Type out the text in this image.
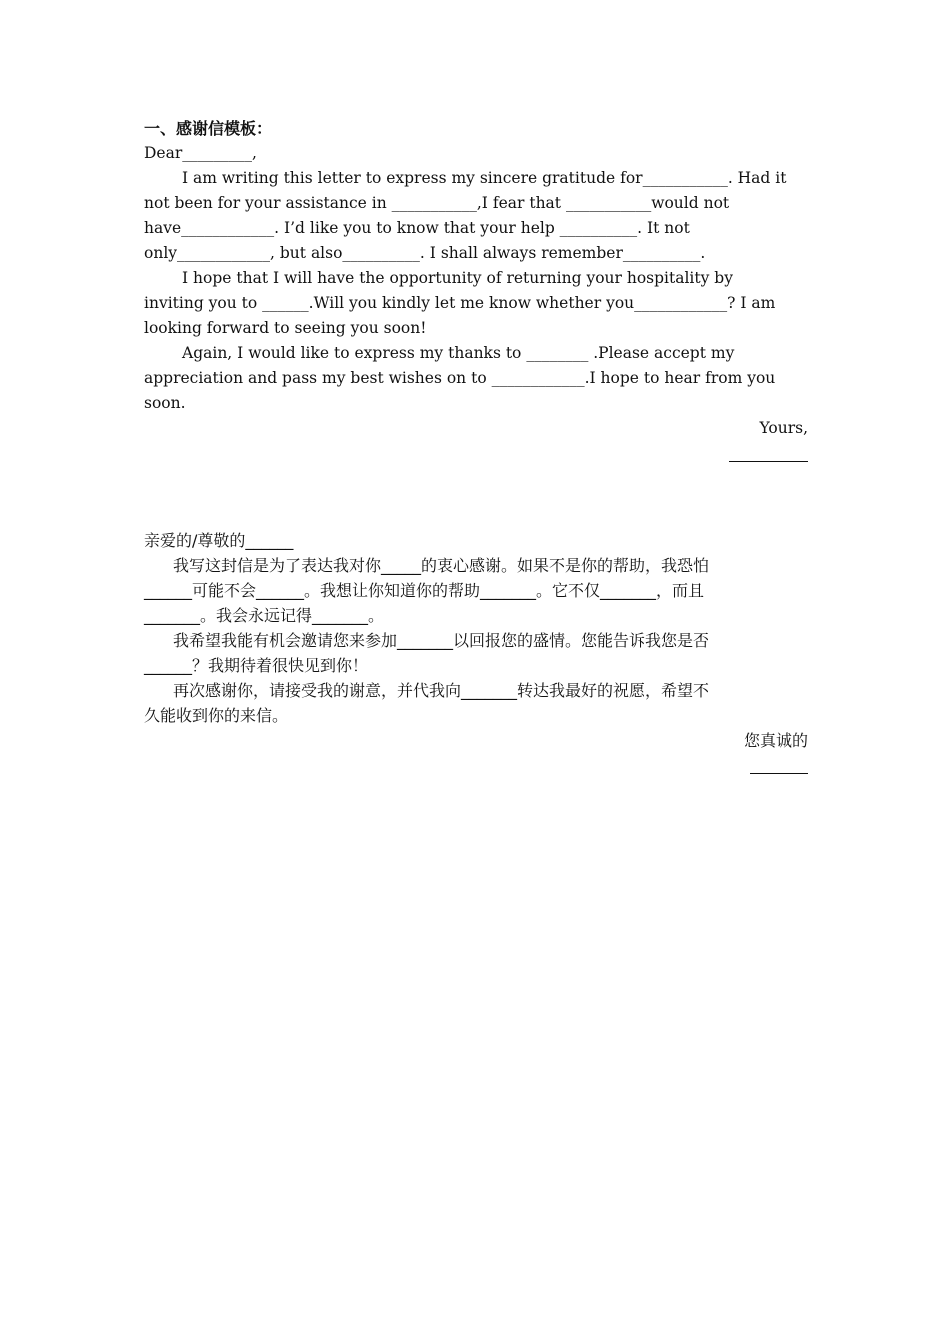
一、感谢信模板：

Dear_________,

I am writing this letter to express my sincere gratitude for___________. Had it

not been for your assistance in ___________,I fear that ___________would not

have____________. I’d like you to know that your help __________. It not

only____________, but also__________. I shall always remember__________.

I hope that I will have the opportunity of returning your hospitality by

inviting you to ______.Will you kindly let me know whether you____________? I am

looking forward to seeing you soon!

Again, I would like to express my thanks to ________ .Please accept my

appreciation and pass my best wishes on to ____________.I hope to hear from you

soon.

Yours,

亲爱的/尊敬的______

我写这封信是为了表达我对你_____的衷心感谢。如果不是你的帮助，我恐怕

______可能不会______。我想让你知道你的帮助_______。它不仅_______，而且

_______。我会永远记得_______。

我希望我能有机会邀请您来参加_______以回报您的盛情。您能告诉我您是否

______？我期待着很快见到你！

再次感谢你，请接受我的谢意，并代我向_______转达我最好的祝愿，希望不

久能收到你的来信。

您真诚的
